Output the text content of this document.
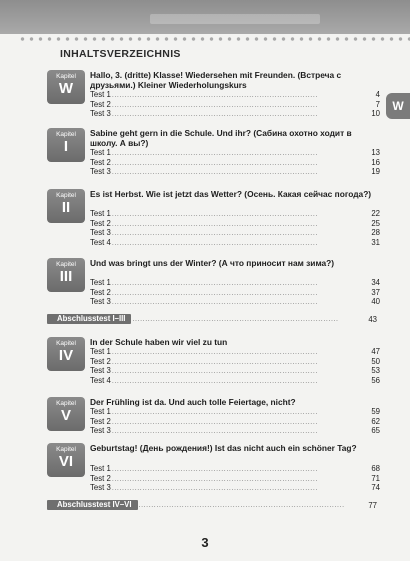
INHALTSVERZEICHNIS
W
Kapitel
W
Hallo, 3. (dritte) Klasse! Wiedersehen mit Freunden. (Встреча с друзьями.) Kleiner Wiederholungskurs
Test 1 .................................................................................	4
Test 2 .................................................................................	7
Test 3 .................................................................................	10
Kapitel
I
Sabine geht gern in die Schule. Und ihr? (Сабина охотно ходит в школу. А вы?)
Test 1 .................................................................................	13
Test 2 .................................................................................	16
Test 3 .................................................................................	19
Kapitel
II
Es ist Herbst. Wie ist jetzt das Wetter? (Осень. Какая сейчас погода?)
Test 1 .................................................................................	22
Test 2 .................................................................................	25
Test 3 .................................................................................	28
Test 4 .................................................................................	31
Kapitel
III
Und was bringt uns der Winter? (А что приносит нам зима?)
Test 1 .................................................................................	34
Test 2 .................................................................................	37
Test 3 .................................................................................	40
Abschlusstest I–III	.................................................................................	43
Kapitel
IV
In der Schule haben wir viel zu tun
Test 1 .................................................................................	47
Test 2 .................................................................................	50
Test 3 .................................................................................	53
Test 4 .................................................................................	56
Kapitel
V
Der Frühling ist da. Und auch tolle Feiertage, nicht?
Test 1 .................................................................................	59
Test 2 .................................................................................	62
Test 3 .................................................................................	65
Kapitel
VI
Geburtstag! (День рождения!) Ist das nicht auch ein schöner Tag?
Test 1 .................................................................................	68
Test 2 .................................................................................	71
Test 3 .................................................................................	74
Abschlusstest IV–VI	.................................................................................	77
3
